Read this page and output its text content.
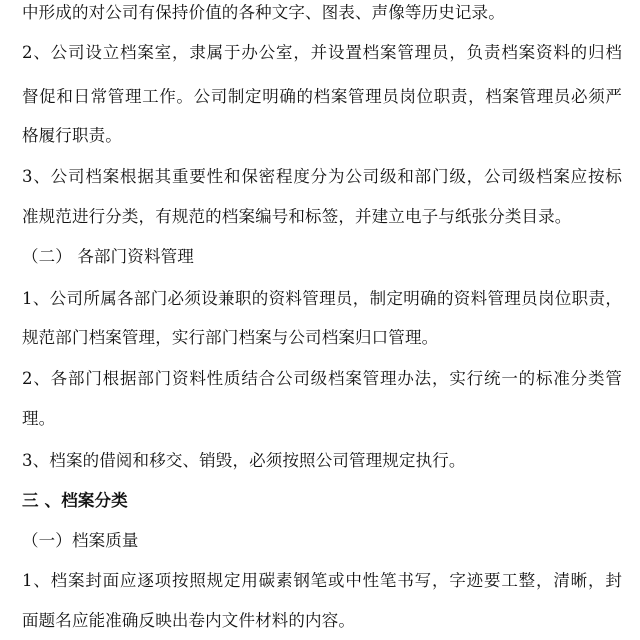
中形成的对公司有保持价值的各种文字、图表、声像等历史记录。
2、公司设立档案室，隶属于办公室，并设置档案管理员，负责档案资料的归档
督促和日常管理工作。公司制定明确的档案管理员岗位职责，档案管理员必须严
格履行职责。
3、公司档案根据其重要性和保密程度分为公司级和部门级，公司级档案应按标
准规范进行分类，有规范的档案编号和标签，并建立电子与纸张分类目录。
（二） 各部门资料管理
1、公司所属各部门必须设兼职的资料管理员，制定明确的资料管理员岗位职责，
规范部门档案管理，实行部门档案与公司档案归口管理。
2、各部门根据部门资料性质结合公司级档案管理办法，实行统一的标准分类管
理。
3、档案的借阅和移交、销毁，必须按照公司管理规定执行。
三 、档案分类
（一）档案质量
1、档案封面应逐项按照规定用碳素钢笔或中性笔书写，字迹要工整，清晰，封
面题名应能准确反映出卷内文件材料的内容。
